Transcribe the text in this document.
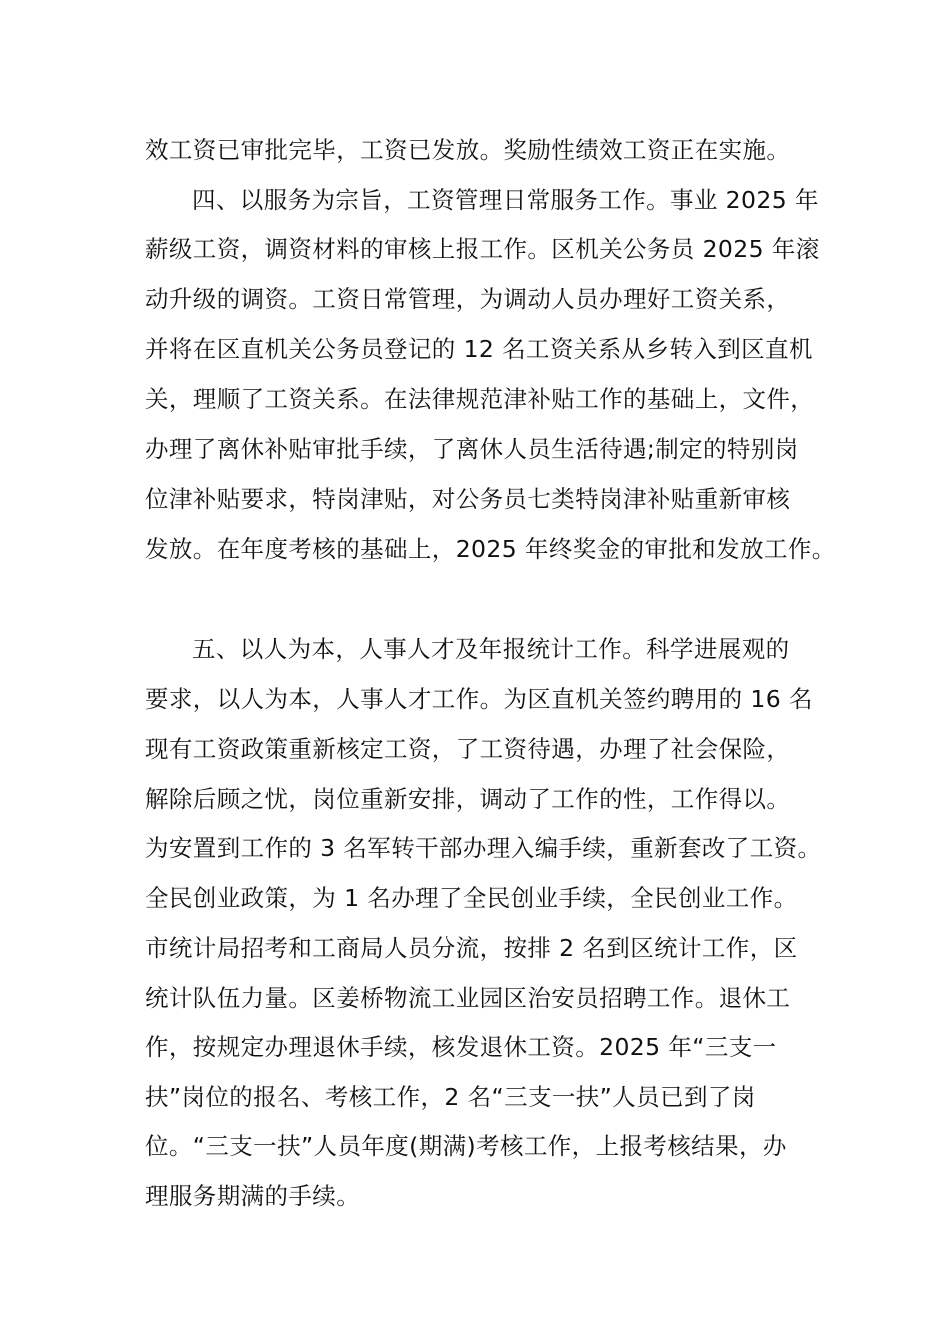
效工资已审批完毕，工资已发放。奖励性绩效工资正在实施。
四、以服务为宗旨，工资管理日常服务工作。事业 2025 年
薪级工资，调资材料的审核上报工作。区机关公务员 2025 年滚
动升级的调资。工资日常管理，为调动人员办理好工资关系，
并将在区直机关公务员登记的 12 名工资关系从乡转入到区直机
关，理顺了工资关系。在法律规范津补贴工作的基础上，文件，
办理了离休补贴审批手续，了离休人员生活待遇;制定的特别岗
位津补贴要求，特岗津贴，对公务员七类特岗津补贴重新审核
发放。在年度考核的基础上，2025 年终奖金的审批和发放工作。
五、以人为本，人事人才及年报统计工作。科学进展观的
要求，以人为本，人事人才工作。为区直机关签约聘用的 16 名
现有工资政策重新核定工资，了工资待遇，办理了社会保险，
解除后顾之忧，岗位重新安排，调动了工作的性，工作得以。
为安置到工作的 3 名军转干部办理入编手续，重新套改了工资。
全民创业政策，为 1 名办理了全民创业手续，全民创业工作。
市统计局招考和工商局人员分流，按排 2 名到区统计工作，区
统计队伍力量。区姜桥物流工业园区治安员招聘工作。退休工
作，按规定办理退休手续，核发退休工资。2025 年“三支一
扶”岗位的报名、考核工作，2 名“三支一扶”人员已到了岗
位。“三支一扶”人员年度(期满)考核工作，上报考核结果，办
理服务期满的手续。
